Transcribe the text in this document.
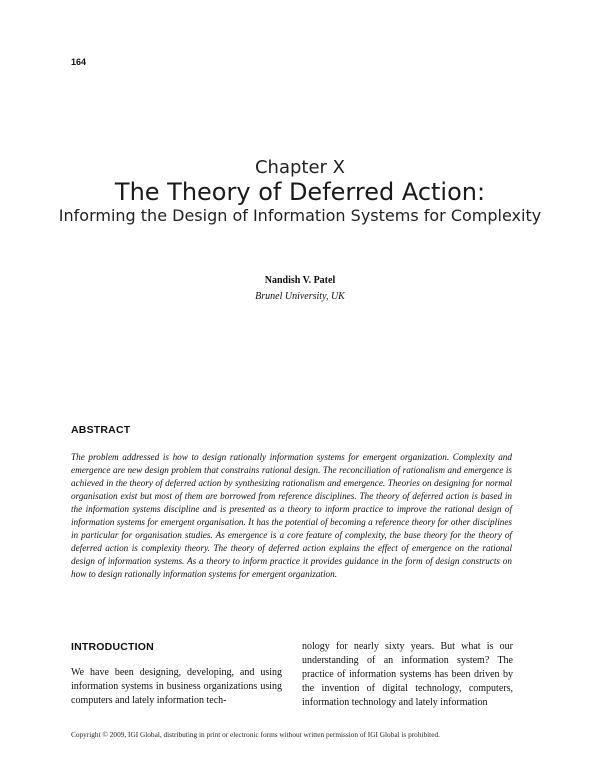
164
Chapter X
The Theory of Deferred Action:
Informing the Design of Information Systems for Complexity
Nandish V. Patel
Brunel University, UK
ABSTRACT

The problem addressed is how to design rationally information systems for emergent organization. Complexity and emergence are new design problem that constrains rational design. The reconciliation of rationalism and emergence is achieved in the theory of deferred action by synthesizing rationalism and emergence. Theories on designing for normal organisation exist but most of them are borrowed from reference disciplines. The theory of deferred action is based in the information systems discipline and is presented as a theory to inform practice to improve the rational design of information systems for emergent organisation. It has the potential of becoming a reference theory for other disciplines in particular for organisation studies. As emergence is a core feature of complexity, the base theory for the theory of deferred action is complexity theory. The theory of deferred action explains the effect of emergence on the rational design of information systems. As a theory to inform practice it provides guidance in the form of design constructs on how to design rationally information systems for emergent organization.

INTRODUCTION

We have been designing, developing, and using information systems in business organizations using computers and lately information tech-

nology for nearly sixty years. But what is our understanding of an information system? The practice of information systems has been driven by the invention of digital technology, computers, information technology and lately information

Copyright © 2009, IGI Global, distributing in print or electronic forms without written permission of IGI Global is prohibited.
